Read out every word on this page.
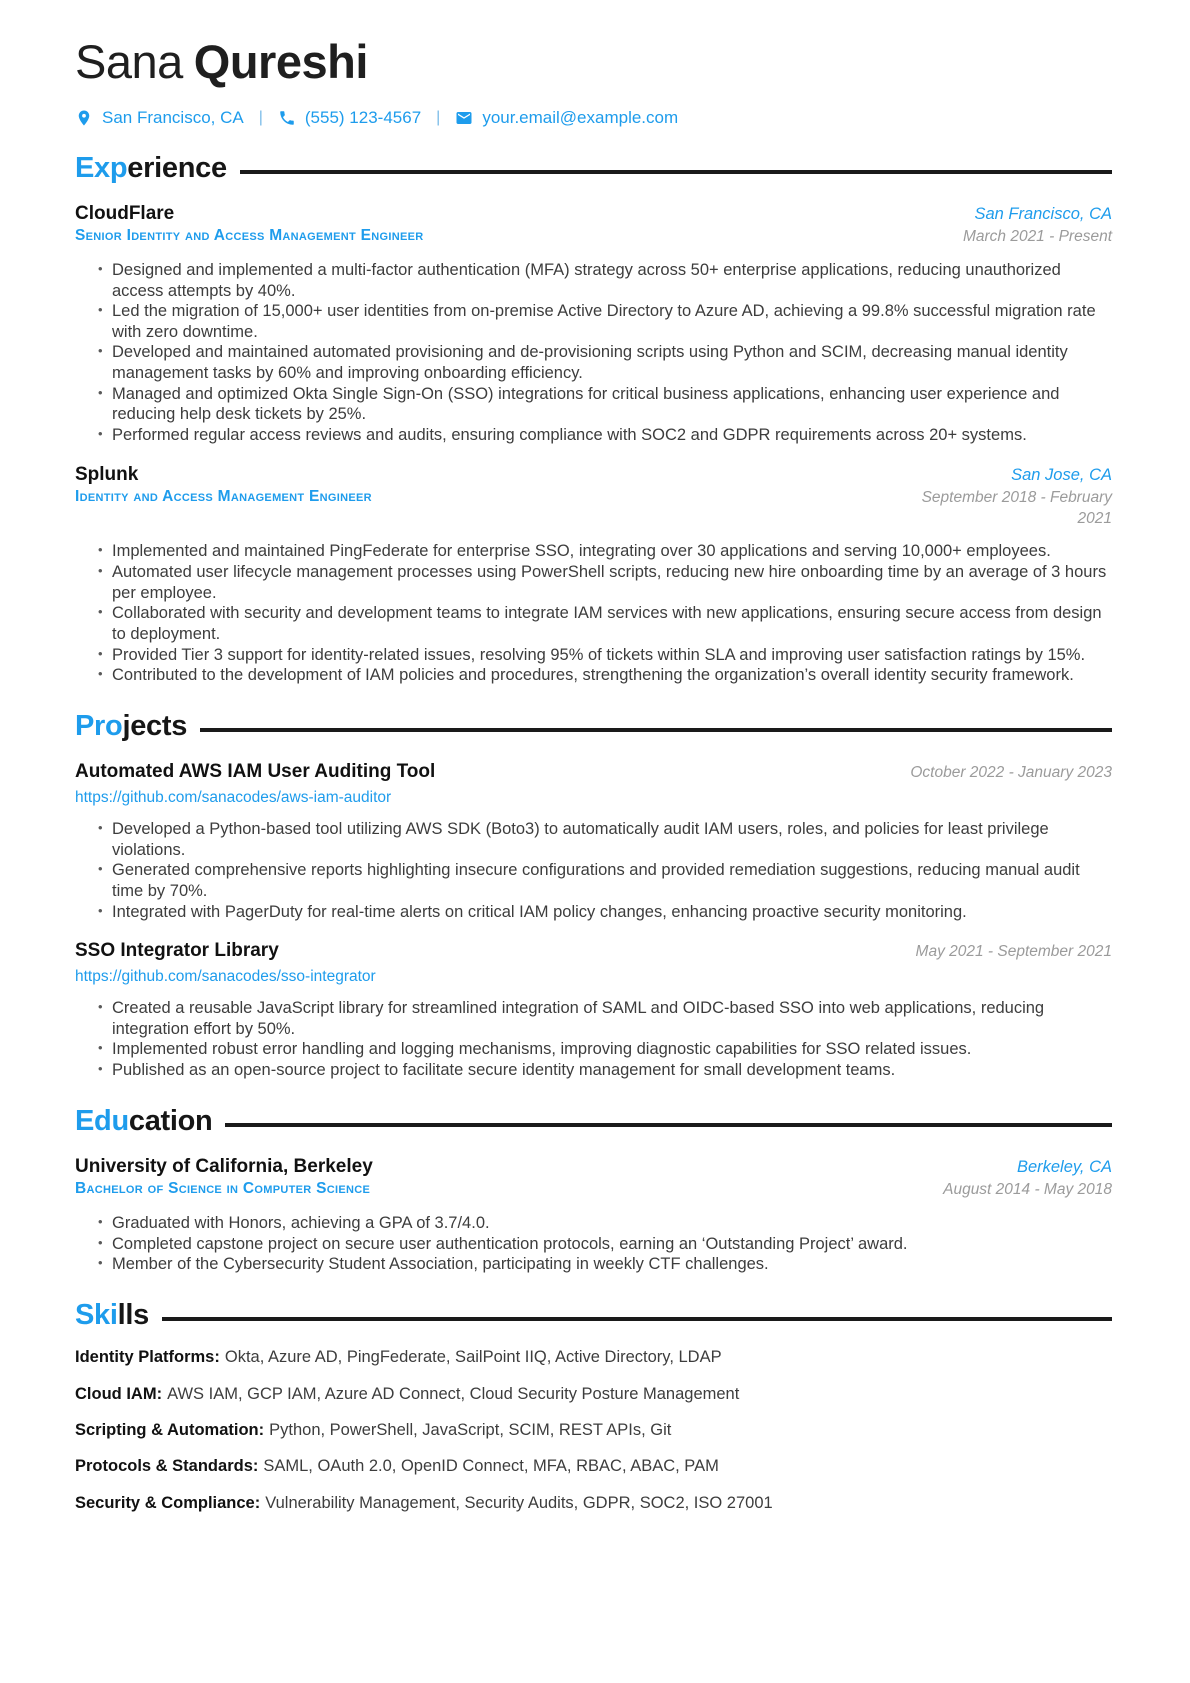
Sana Qureshi
San Francisco, CA | (555) 123-4567 | your.email@example.com
Experience
CloudFlare	San Francisco, CA
Senior Identity and Access Management Engineer	March 2021 - Present
• Designed and implemented a multi-factor authentication (MFA) strategy across 50+ enterprise applications, reducing unauthorized access attempts by 40%.
• Led the migration of 15,000+ user identities from on-premise Active Directory to Azure AD, achieving a 99.8% successful migration rate with zero downtime.
• Developed and maintained automated provisioning and de-provisioning scripts using Python and SCIM, decreasing manual identity management tasks by 60% and improving onboarding efficiency.
• Managed and optimized Okta Single Sign-On (SSO) integrations for critical business applications, enhancing user experience and reducing help desk tickets by 25%.
• Performed regular access reviews and audits, ensuring compliance with SOC2 and GDPR requirements across 20+ systems.
Splunk	San Jose, CA
Identity and Access Management Engineer	September 2018 - February 2021
• Implemented and maintained PingFederate for enterprise SSO, integrating over 30 applications and serving 10,000+ employees.
• Automated user lifecycle management processes using PowerShell scripts, reducing new hire onboarding time by an average of 3 hours per employee.
• Collaborated with security and development teams to integrate IAM services with new applications, ensuring secure access from design to deployment.
• Provided Tier 3 support for identity-related issues, resolving 95% of tickets within SLA and improving user satisfaction ratings by 15%.
• Contributed to the development of IAM policies and procedures, strengthening the organization’s overall identity security framework.
Projects
Automated AWS IAM User Auditing Tool	October 2022 - January 2023
https://github.com/sanacodes/aws-iam-auditor
• Developed a Python-based tool utilizing AWS SDK (Boto3) to automatically audit IAM users, roles, and policies for least privilege violations.
• Generated comprehensive reports highlighting insecure configurations and provided remediation suggestions, reducing manual audit time by 70%.
• Integrated with PagerDuty for real-time alerts on critical IAM policy changes, enhancing proactive security monitoring.
SSO Integrator Library	May 2021 - September 2021
https://github.com/sanacodes/sso-integrator
• Created a reusable JavaScript library for streamlined integration of SAML and OIDC-based SSO into web applications, reducing integration effort by 50%.
• Implemented robust error handling and logging mechanisms, improving diagnostic capabilities for SSO related issues.
• Published as an open-source project to facilitate secure identity management for small development teams.
Education
University of California, Berkeley	Berkeley, CA
Bachelor of Science in Computer Science	August 2014 - May 2018
• Graduated with Honors, achieving a GPA of 3.7/4.0.
• Completed capstone project on secure user authentication protocols, earning an ‘Outstanding Project’ award.
• Member of the Cybersecurity Student Association, participating in weekly CTF challenges.
Skills
Identity Platforms: Okta, Azure AD, PingFederate, SailPoint IIQ, Active Directory, LDAP
Cloud IAM: AWS IAM, GCP IAM, Azure AD Connect, Cloud Security Posture Management
Scripting & Automation: Python, PowerShell, JavaScript, SCIM, REST APIs, Git
Protocols & Standards: SAML, OAuth 2.0, OpenID Connect, MFA, RBAC, ABAC, PAM
Security & Compliance: Vulnerability Management, Security Audits, GDPR, SOC2, ISO 27001
